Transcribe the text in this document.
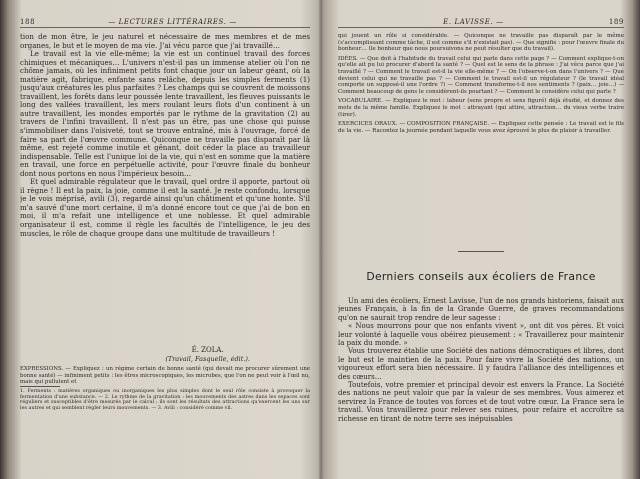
188	— LECTURES LITTÉRAIRES. —

tion de mon être, le jeu naturel et nécessaire de mes membres et de mes organes, le but et le moyen de ma vie. J'ai vécu parce que j'ai travaillé…

Le travail est la vie elle-même; la vie est un continuel travail des forces chimiques et mécaniques… L'univers n'est-il pas un immense atelier où l'on ne chôme jamais, où les infiniment petits font chaque jour un labeur géant, où la matière agit, fabrique, enfante sans relâche, depuis les simples ferments (1) jusqu'aux créatures les plus parfaites ? Les champs qui se couvrent de moissons travaillent, les forêts dans leur poussée lente travaillent, les fleuves puissants le long des vallées travaillent, les mers roulant leurs flots d'un continent à un autre travaillent, les mondes emportés par le rythme de la gravitation (2) au travers de l'infini travaillent. Il n'est pas un être, pas une chose qui puisse s'immobiliser dans l'oisiveté, tout se trouve entraîné, mis à l'ouvrage, forcé de faire sa part de l'œuvre commune. Quiconque ne travaille pas disparaît par là même, est rejeté comme inutile et gênant, doit céder la place au travailleur indispensable. Telle est l'unique loi de la vie, qui n'est en somme que la matière en travail, une force en perpétuelle activité, pour l'œuvre finale du bonheur dont nous portons en nous l'impérieux besoin…

Et quel admirable régulateur que le travail, quel ordre il apporte, partout où il règne ! Il est la paix, la joie, comme il est la santé. Je reste confondu, lorsque je le vois méprisé, avili (3), regardé ainsi qu'un châtiment et qu'une honte. S'il m'a sauvé d'une mort certaine, il m'a donné encore tout ce que j'ai de bon en moi, il m'a refait une intelligence et une noblesse. Et quel admirable organisateur il est, comme il règle les facultés de l'intelligence, le jeu des muscles, le rôle de chaque groupe dans une multitude de travailleurs !

É. ZOLA.
(Travail, Fasquelle, édit.).
EXPRESSIONS. — Expliquez : un régime certain de bonne santé (qui devait me procurer sûrement une bonne santé) — infiniment petits : les êtres microscopiques, les microbes, que l'on ne peut voir à l'œil nu, mais qui pullulent et

1. Ferments : matières organiques ou inorganiques les plus simples dont le seul rôle consiste à provoquer la fermentation d'une substance. — 2. Le rythme de la gravitation : les mouvements des astres dans les espaces sont réguliers et susceptibles d'être mesurés par le calcul ; ils sont les résultats des attractions qu'exercent les uns sur les autres et qui semblent régler leurs mouvements. — 3. Avili : considéré comme vil.

E. LAVISSE. —	189

qui jouent un rôle si considérable. — Quiconque ne travaille pas disparaît par le même (s'accomplissant comme tâche, il est comme s'il n'existait pas). — Que signifie : pour l'œuvre finale du bonheur… (le bonheur que nous poursuivons ne peut résulter que du travail).

IDÉES. — Que doit à l'habitude du travail celui qui parle dans cette page ? — Comment explique-t-on qu'elle ait pu lui procurer d'abord la santé ? — Quel est le sens de la phrase : J'ai vécu parce que j'ai travaillé ? — Comment le travail est-il la vie elle-même ? — On l'observe-t-on dans l'univers ? — Que devient celui qui ne travaille pas ? — Comment le travail est-il un régulateur ? (le travail idéal comporte un supposé-il une l'ordre ?) — Comment transforme-t-il nos sentiments ? (paix… joie…) — Comment beaucoup de gens le considèrent-ils pourtant ? — Comment le considère celui qui parle ?

VOCABULAIRE. — Expliquez le mot : labeur (sens propre et sens figuré) déjà étudié, et donnez des mots de la même famille. Expliquez le mot : attrayant (qui attire, attraction… du vieux verbe traire (tirer).

EXERCICES ORAUX. — COMPOSITION FRANÇAISE. — Expliquez cette pensée : Le travail est le fils de la vie. — Racontez la journée pendant laquelle vous avez éprouvé le plus de plaisir à travailler.

Derniers conseils aux écoliers de France

Un ami des écoliers, Ernest Lavisse, l'un de nos grands historiens, faisait aux jeunes Français, à la fin de la Grande Guerre, de graves recommandations qu'on ne saurait trop rendre de leur sagesse :

« Nous mourrons pour que nos enfants vivent », ont dit vos pères. Et voici leur volonté à laquelle vous obéirez pieusement : « Travaillerez pour maintenir la paix du monde. »

Vous trouverez établie une Société des nations démocratiques et libres, dont le but est le maintien de la paix. Pour faire vivre la Société des nations, un vigoureux effort sera bien nécessaire. Il y faudra l'alliance des intelligences et des cœurs…

Toutefois, votre premier et principal devoir est envers la France. La Société des nations ne peut valoir que par la valeur de ses membres. Vous aimerez et servirez la France de toutes vos forces et de tout votre cœur. La France sera le travail. Vous travaillerez pour relever ses ruines, pour refaire et accroître sa richesse en tirant de notre terre ses inépuisables
